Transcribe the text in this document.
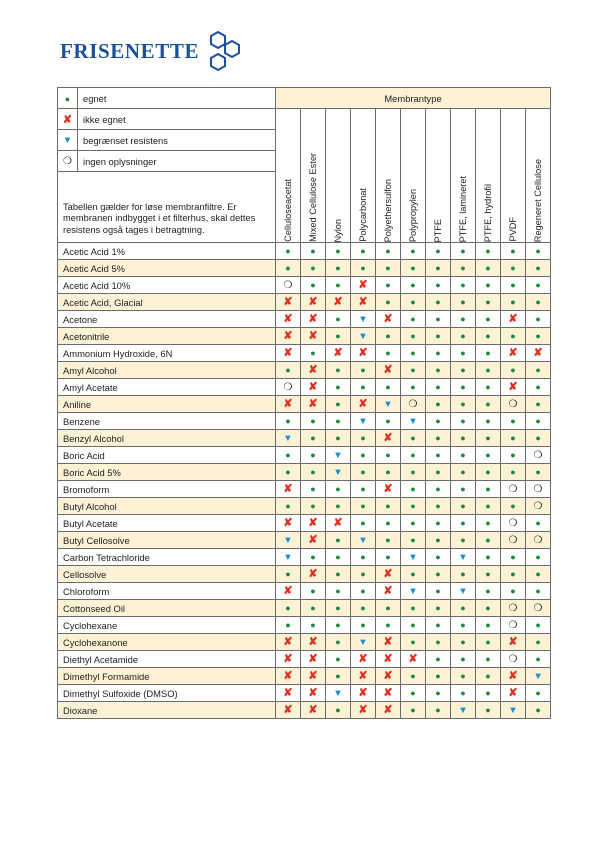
FRISENETTE
●	egnet	Membrantype										
✘	ikke egnet	Celluloseacetat	Mixed Cellulose Ester	Nylon	Polycarbonat	Polyethersulfon	Polypropylen	PTFE	PTFE, lamineret	PTFE, hydrofil	PVDF	Regeneret Cellulose

▼	begrænset resistens											
❍	ingen oplysninger											
Tabellen gælder for løse membranfiltre. Er membranen indbygget i et filterhus, skal dettes resistens også tages i betragtning.												
Acetic Acid 1%		●	●	●	●	●	●	●	●	●	●	●
Acetic Acid 5%		●	●	●	●	●	●	●	●	●	●	●
Acetic Acid 10%		❍	●	●	✘	●	●	●	●	●	●	●
Acetic Acid, Glacial		✘	✘	✘	✘	●	●	●	●	●	●	●
Acetone		✘	✘	●	▼	✘	●	●	●	●	✘	●
Acetonitrile		✘	✘	●	▼	●	●	●	●	●	●	●
Ammonium Hydroxide, 6N		✘	●	✘	✘	●	●	●	●	●	✘	✘
Amyl Alcohol		●	✘	●	●	✘	●	●	●	●	●	●
Amyl Acetate		❍	✘	●	●	●	●	●	●	●	✘	●
Aniline		✘	✘	●	✘	▼	❍	●	●	●	❍	●
Benzene		●	●	●	▼	●	▼	●	●	●	●	●
Benzyl Alcohol		▼	●	●	●	✘	●	●	●	●	●	●
Boric Acid		●	●	▼	●	●	●	●	●	●	●	❍
Boric Acid 5%		●	●	▼	●	●	●	●	●	●	●	●
Bromoform		✘	●	●	●	✘	●	●	●	●	❍	❍
Butyl Alcohol		●	●	●	●	●	●	●	●	●	●	❍
Butyl Acetate		✘	✘	✘	●	●	●	●	●	●	❍	●
Butyl Cellosolve		▼	✘	●	▼	●	●	●	●	●	❍	❍
Carbon Tetrachloride		▼	●	●	●	●	▼	●	▼	●	●	●
Cellosolve		●	✘	●	●	✘	●	●	●	●	●	●
Chloroform		✘	●	●	●	✘	▼	●	▼	●	●	●
Cottonseed Oil		●	●	●	●	●	●	●	●	●	❍	❍
Cyclohexane		●	●	●	●	●	●	●	●	●	❍	●
Cyclohexanone		✘	✘	●	▼	✘	●	●	●	●	✘	●
Diethyl Acetamide		✘	✘	●	✘	✘	✘	●	●	●	❍	●
Dimethyl Formamide		✘	✘	●	✘	✘	●	●	●	●	✘	▼
Dimethyl Sulfoxide (DMSO)		✘	✘	▼	✘	✘	●	●	●	●	✘	●
Dioxane		✘	✘	●	✘	✘	●	●	▼	●	▼	●
